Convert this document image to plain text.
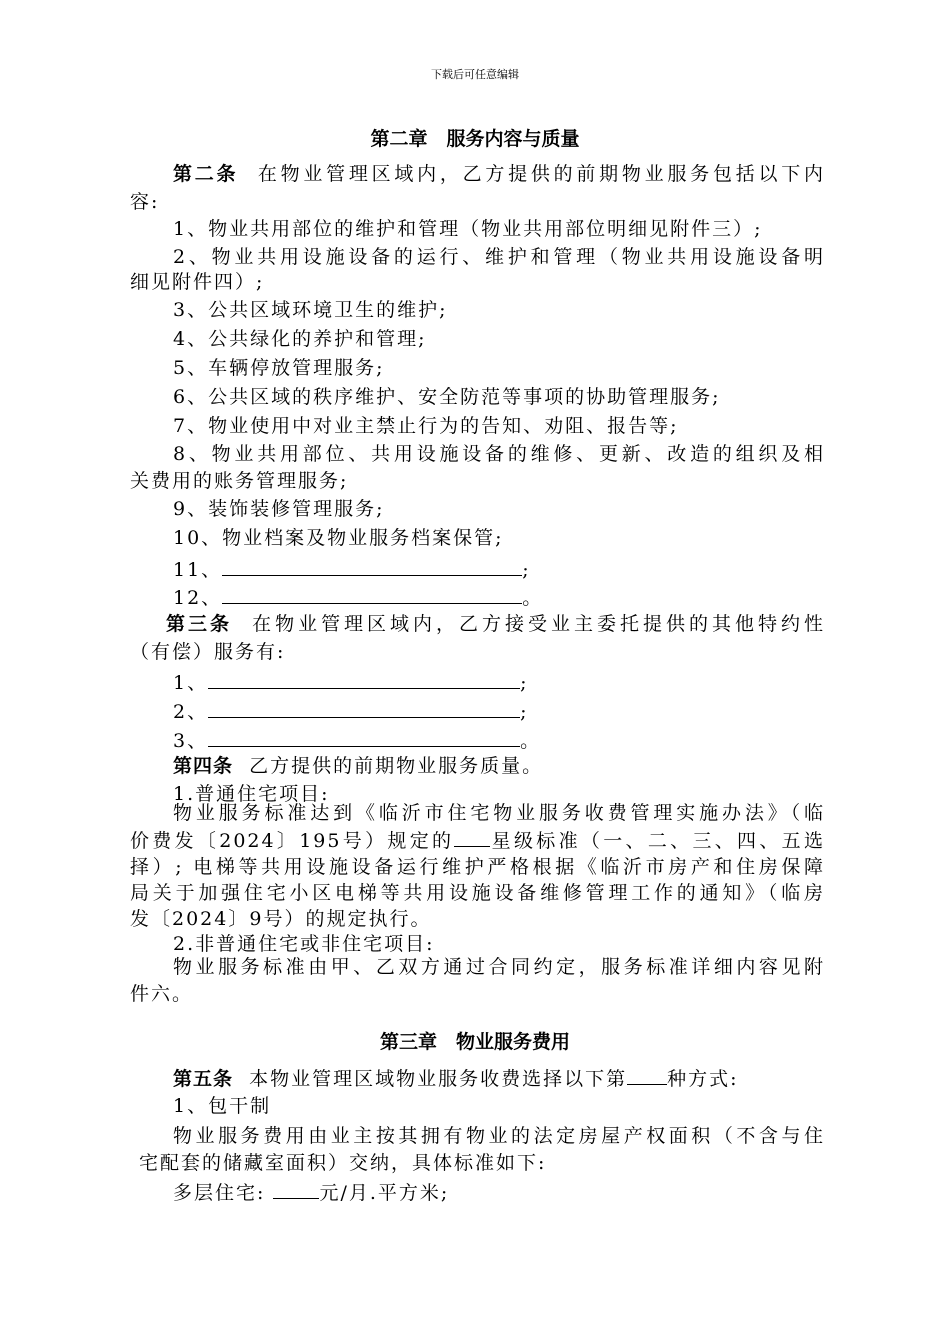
下载后可任意编辑
第二章　服务内容与质量
第二条 在物业管理区域内，乙方提供的前期物业服务包括以下内
容:
1、物业共用部位的维护和管理（物业共用部位明细见附件三）;
2、物业共用设施设备的运行、维护和管理（物业共用设施设备明
细见附件四）;
3、公共区域环境卫生的维护;
4、公共绿化的养护和管理;
5、车辆停放管理服务;
6、公共区域的秩序维护、安全防范等事项的协助管理服务;
7、物业使用中对业主禁止行为的告知、劝阻、报告等;
8、物业共用部位、共用设施设备的维修、更新、改造的组织及相
关费用的账务管理服务;
9、装饰装修管理服务;
10、物业档案及物业服务档案保管;
11、	;
12、	。
第三条 在物业管理区域内，乙方接受业主委托提供的其他特约性
（有偿）服务有:
1、	;
2、	;
3、	。
第四条 乙方提供的前期物业服务质量。
1.普通住宅项目:
物业服务标准达到《临沂市住宅物业服务收费管理实施办法》（临
价费发〔2024〕195号）规定的 星级标准（一、二、三、四、五选
择）; 电梯等共用设施设备运行维护严格根据《临沂市房产和住房保障
局关于加强住宅小区电梯等共用设施设备维修管理工作的通知》（临房
发〔2024〕9号）的规定执行。
2.非普通住宅或非住宅项目:
物业服务标准由甲、乙双方通过合同约定，服务标准详细内容见附
件六。
第三章　物业服务费用
第五条 本物业管理区域物业服务收费选择以下第 种方式:
1、包干制
物业服务费用由业主按其拥有物业的法定房屋产权面积（不含与住
宅配套的储藏室面积）交纳，具体标准如下:
多层住宅:	元/月.平方米;
